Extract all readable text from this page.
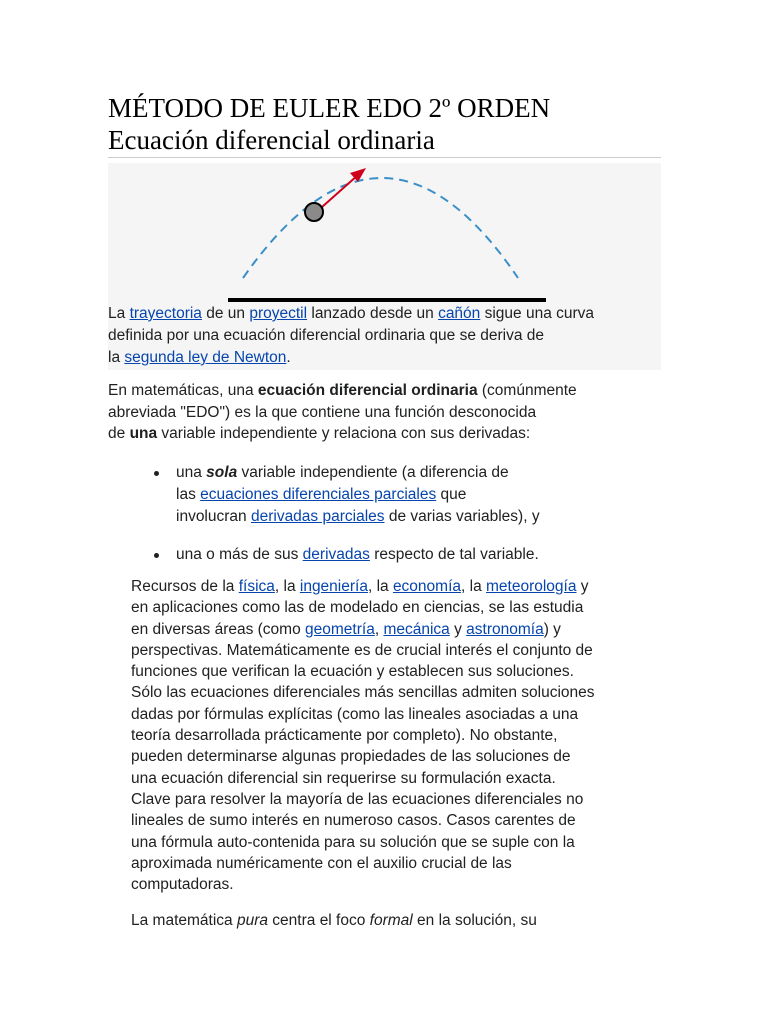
MÉTODO DE EULER EDO 2º ORDEN
Ecuación diferencial ordinaria
La trayectoria de un proyectil lanzado desde un cañón sigue una curva
definida por una ecuación diferencial ordinaria que se deriva de
la segunda ley de Newton.
En matemáticas, una ecuación diferencial ordinaria (comúnmente
abreviada "EDO") es la que contiene una función desconocida
de una variable independiente y relaciona con sus derivadas:
una sola variable independiente (a diferencia de
las ecuaciones diferenciales parciales que
involucran derivadas parciales de varias variables), y
una o más de sus derivadas respecto de tal variable.
Recursos de la física, la ingeniería, la economía, la meteorología y
en aplicaciones como las de modelado en ciencias, se las estudia
en diversas áreas (como geometría, mecánica y astronomía) y
perspectivas. Matemáticamente es de crucial interés el conjunto de
funciones que verifican la ecuación y establecen sus soluciones.
Sólo las ecuaciones diferenciales más sencillas admiten soluciones
dadas por fórmulas explícitas (como las lineales asociadas a una
teoría desarrollada prácticamente por completo). No obstante,
pueden determinarse algunas propiedades de las soluciones de
una ecuación diferencial sin requerirse su formulación exacta.
Clave para resolver la mayoría de las ecuaciones diferenciales no
lineales de sumo interés en numeroso casos. Casos carentes de
una fórmula auto-contenida para su solución que se suple con la
aproximada numéricamente con el auxilio crucial de las
computadoras.
La matemática pura centra el foco formal en la solución, su
